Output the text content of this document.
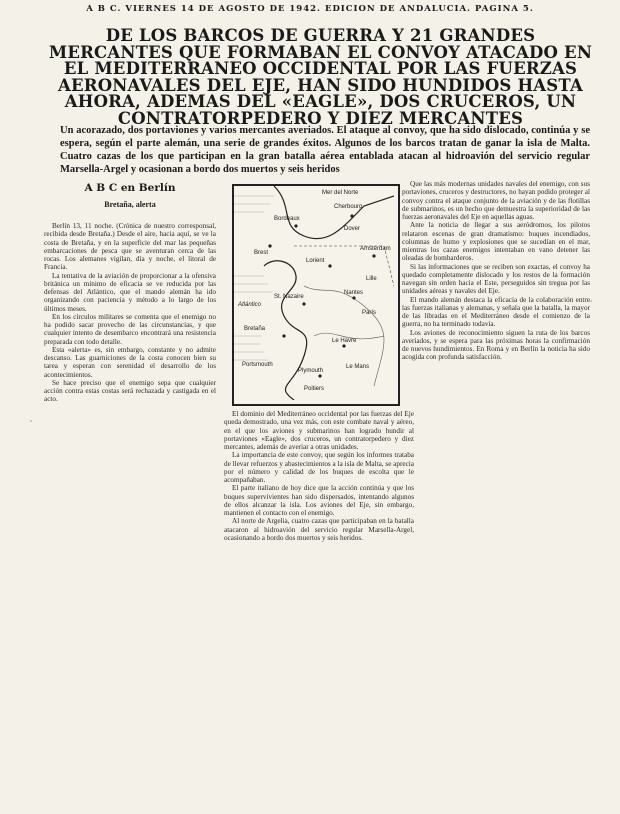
A B C. VIERNES 14 DE AGOSTO DE 1942. EDICION DE ANDALUCIA. PAGINA 5.
DE LOS BARCOS DE GUERRA Y 21 GRANDES MERCANTES QUE FORMABAN EL CONVOY ATACADO EN EL MEDITERRANEO OCCIDENTAL POR LAS FUERZAS AERONAVALES DEL EJE, HAN SIDO HUNDIDOS HASTA AHORA, ADEMAS DEL «EAGLE», DOS CRUCEROS, UN CONTRATORPEDERO Y DIEZ MERCANTES

Un acorazado, dos portaviones y varios mercantes averiados. El ataque al convoy, que ha sido dislocado, continúa y se espera, según el parte alemán, una serie de grandes éxitos. Algunos de los barcos tratan de ganar la isla de Malta. Cuatro cazas de los que participan en la gran batalla aérea entablada atacan al hidroavión del servicio regular Marsella-Argel y ocasionan a bordo dos muertos y seis heridos

A B C en Berlín
Bretaña, alerta

Berlín 13, 11 noche. (Crónica de nuestro corresponsal, recibida desde Bretaña.) Desde el aire, hacia aquí, se ve la costa de Bretaña, y en la superficie del mar las pequeñas embarcaciones de pesca que se aventuran cerca de las rocas. Los alemanes vigilan, día y noche, el litoral de Francia.

La tentativa de la aviación de proporcionar a la ofensiva británica un mínimo de eficacia se ve reducida por las defensas del Atlántico, que el mando alemán ha ido organizando con paciencia y método a lo largo de los últimos meses.

En los círculos militares se comenta que el enemigo no ha podido sacar provecho de las circunstancias, y que cualquier intento de desembarco encontrará una resistencia preparada con todo detalle.

Esta «alerta» es, sin embargo, constante y no admite descanso. Las guarniciones de la costa conocen bien su tarea y esperan con serenidad el desarrollo de los acontecimientos.

Se hace preciso que el enemigo sepa que cualquier acción contra estas costas será rechazada y castigada en el acto.

Bordeaux
Cherbourg
Dover
Mer del Norte
Amsterdam
Brest
Lorient
St. Nazaire
Nantes
París
Bretaña
Le Havre
Portsmouth
Plymouth
Le Mans
Poitiers
Lille
Atlántico

El dominio del Mediterráneo occidental por las fuerzas del Eje queda demostrado, una vez más, con este combate naval y aéreo, en el que los aviones y submarinos han logrado hundir al portaviones «Eagle», dos cruceros, un contratorpedero y diez mercantes, además de averiar a otras unidades.

La importancia de este convoy, que según los informes trataba de llevar refuerzos y abastecimientos a la isla de Malta, se aprecia por el número y calidad de los buques de escolta que le acompañaban.

El parte italiano de hoy dice que la acción continúa y que los buques supervivientes han sido dispersados, intentando algunos de ellos alcanzar la isla. Los aviones del Eje, sin embargo, mantienen el contacto con el enemigo.

Al norte de Argelia, cuatro cazas que participaban en la batalla atacaron al hidroavión del servicio regular Marsella-Argel, ocasionando a bordo dos muertos y seis heridos.

Que las más modernas unidades navales del enemigo, con sus portaviones, cruceros y destructores, no hayan podido proteger al convoy contra el ataque conjunto de la aviación y de las flotillas de submarinos, es un hecho que demuestra la superioridad de las fuerzas aeronavales del Eje en aquellas aguas.

Ante la noticia de llegar a sus aeródromos, los pilotos relataron escenas de gran dramatismo: buques incendiados, columnas de humo y explosiones que se sucedían en el mar, mientras los cazas enemigos intentaban en vano detener las oleadas de bombarderos.

Si las informaciones que se reciben son exactas, el convoy ha quedado completamente dislocado y los restos de la formación navegan sin orden hacia el Este, perseguidos sin tregua por las unidades aéreas y navales del Eje.

El mando alemán destaca la eficacia de la colaboración entre las fuerzas italianas y alemanas, y señala que la batalla, la mayor de las libradas en el Mediterráneo desde el comienzo de la guerra, no ha terminado todavía.

Los aviones de reconocimiento siguen la ruta de los barcos averiados, y se espera para las próximas horas la confirmación de nuevos hundimientos. En Roma y en Berlín la noticia ha sido acogida con profunda satisfacción.
